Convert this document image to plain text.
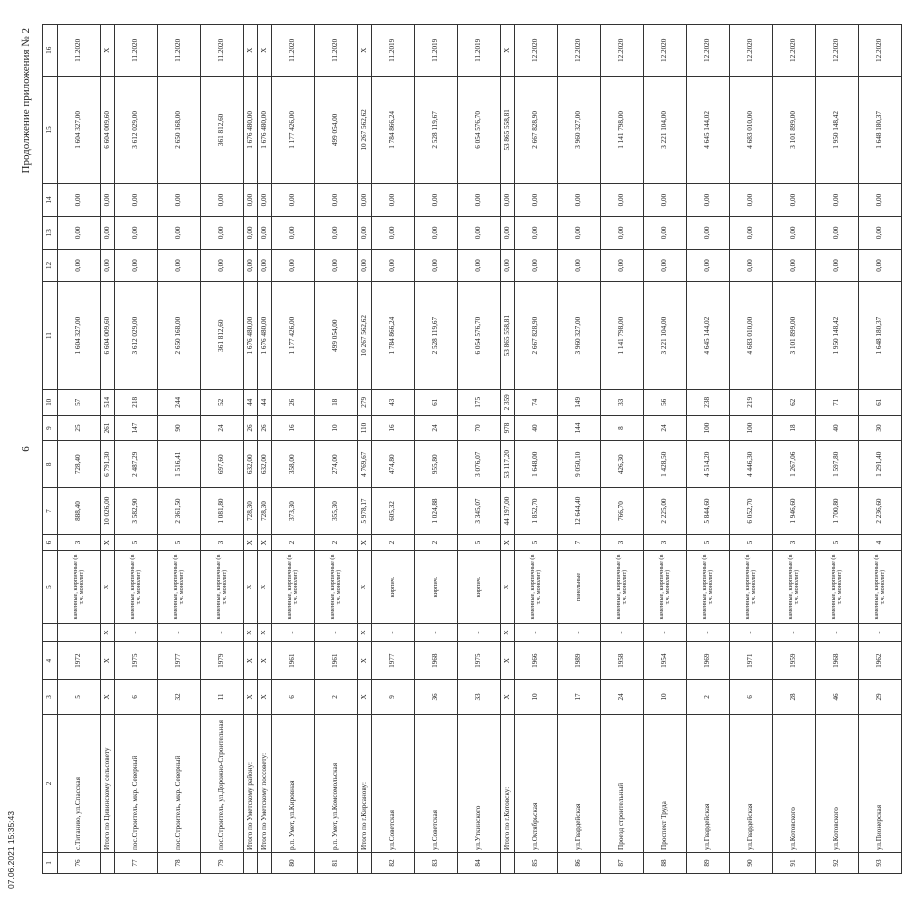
6
Продолжение приложения № 2
1	2	3	4		5	6	7	8	9	10	11	12	13	14	15	16
76	с.Титанию, ул.Спасская	5	1972		каменные, кирпичные (в т.ч. монолит)	3	888,40	728,40	25	57	1 604 327,00	0,00	0,00	0,00	1 604 327,00	11.2020
	Итого по Цивинскому сельсовету	X	X	X	X	X	10 026,00	6 791,30	261	514	6 604 009,60	0,00	0,00	0,00	6 604 009,60	X
77	пос.Строитель, мкр. Северный	6	1975	-	каменные, кирпичные (в т.ч. монолит)	5	3 582,90	2 487,29	147	218	3 612 029,00	0,00	0,00	0,00	3 612 029,00	11.2020
78	пос.Строитель, мкр. Северный	32	1977	-	каменные, кирпичные (в т.ч. монолит)	5	2 361,50	1 516,41	90	244	2 650 168,00	0,00	0,00	0,00	2 650 168,00	11.2020
79	пос.Строитель, ул.Дорожно-Строительная	11	1979	-	каменные, кирпичные (в т.ч. монолит)	3	1 081,80	697,60	24	52	361 812,60	0,00	0,00	0,00	361 812,60	11.2020
	Итого по Уметскому району:	X	X	X	X	X	728,30	632,00	26	44	1 676 480,00	0,00	0,00	0,00	1 676 480,00	X
	Итого по Уметскому поссовету:	X	X	X	X	X	728,30	632,00	26	44	1 676 480,00	0,00	0,00	0,00	1 676 480,00	X
80	р.п. Умет, ул.Кировная	6	1961	-	каменные, кирпичные (в т.ч. монолит)	2	373,30	358,00	16	26	1 177 426,00	0,00	0,00	0,00	1 177 426,00	11.2020
81	р.п. Умет, ул.Комсомольская	2	1961	-	каменные, кирпичные (в т.ч. монолит)	2	355,30	274,00	10	18	499 054,00	0,00	0,00	0,00	499 054,00	11.2020
	Итого по г.Кирсанову:	X	X	X	X	X	5 978,17	4 769,67	110	279	10 267 562,62	0,00	0,00	0,00	10 267 562,62	X
82	ул.Советская	9	1977	-	кирпич.	2	605,32	474,80	16	43	1 784 866,24	0,00	0,00	0,00	1 784 866,24	11.2019
83	ул.Советская	36	1968	-	кирпич.	2	1 024,88	955,80	24	61	2 528 119,67	0,00	0,00	0,00	2 528 119,67	11.2019
84	ул.Уткинского	33	1975	-	кирпич.	5	3 345,07	3 076,07	70	175	6 054 576,70	0,00	0,00	0,00	6 054 576,70	11.2019
	Итого по г.Котовску:	X	X	X	X	X	44 197,00	53 117,20	978	2 359	53 865 558,81	0,00	0,00	0,00	53 865 558,81	X
85	ул.Октябрьская	10	1966	-	каменные, кирпичные (в т.ч. монолит)	5	1 852,70	1 648,00	40	74	2 667 828,90	0,00	0,00	0,00	2 667 828,90	12.2020
86	ул.Гвардейская	17	1989	-	панельные	7	12 644,40	9 050,10	144	149	3 960 327,00	0,00	0,00	0,00	3 960 327,00	12.2020
87	Проезд строительный	24	1958	-	каменные, кирпичные (в т.ч. монолит)	3	766,70	426,30	8	33	1 141 798,00	0,00	0,00	0,00	1 141 798,00	12.2020
88	Проспект Труда	10	1954	-	каменные, кирпичные (в т.ч. монолит)	3	2 225,00	1 428,50	24	56	3 221 104,00	0,00	0,00	0,00	3 221 104,00	12.2020
89	ул.Гвардейская	2	1969	-	каменные, кирпичные (в т.ч. монолит)	5	5 844,60	4 514,20	100	238	4 645 144,02	0,00	0,00	0,00	4 645 144,02	12.2020
90	ул.Гвардейская	6	1971	-	каменные, кирпичные (в т.ч. монолит)	5	6 052,70	4 446,30	100	219	4 683 010,00	0,00	0,00	0,00	4 683 010,00	12.2020
91	ул.Котовского	28	1959	-	каменные, кирпичные (в т.ч. монолит)	3	1 946,60	1 267,06	18	62	3 101 899,00	0,00	0,00	0,00	3 101 899,00	12.2020
92	ул.Котовского	46	1968	-	каменные, кирпичные (в т.ч. монолит)	5	1 700,80	1 597,80	40	71	1 950 148,42	0,00	0,00	0,00	1 950 148,42	12.2020
93	ул.Пионерская	29	1962	-	каменные, кирпичные (в т.ч. монолит)	4	2 236,60	1 291,40	30	61	1 648 180,37	0,00	0,00	0,00	1 648 180,37	12.2020
07.06.2021 15:35:43
